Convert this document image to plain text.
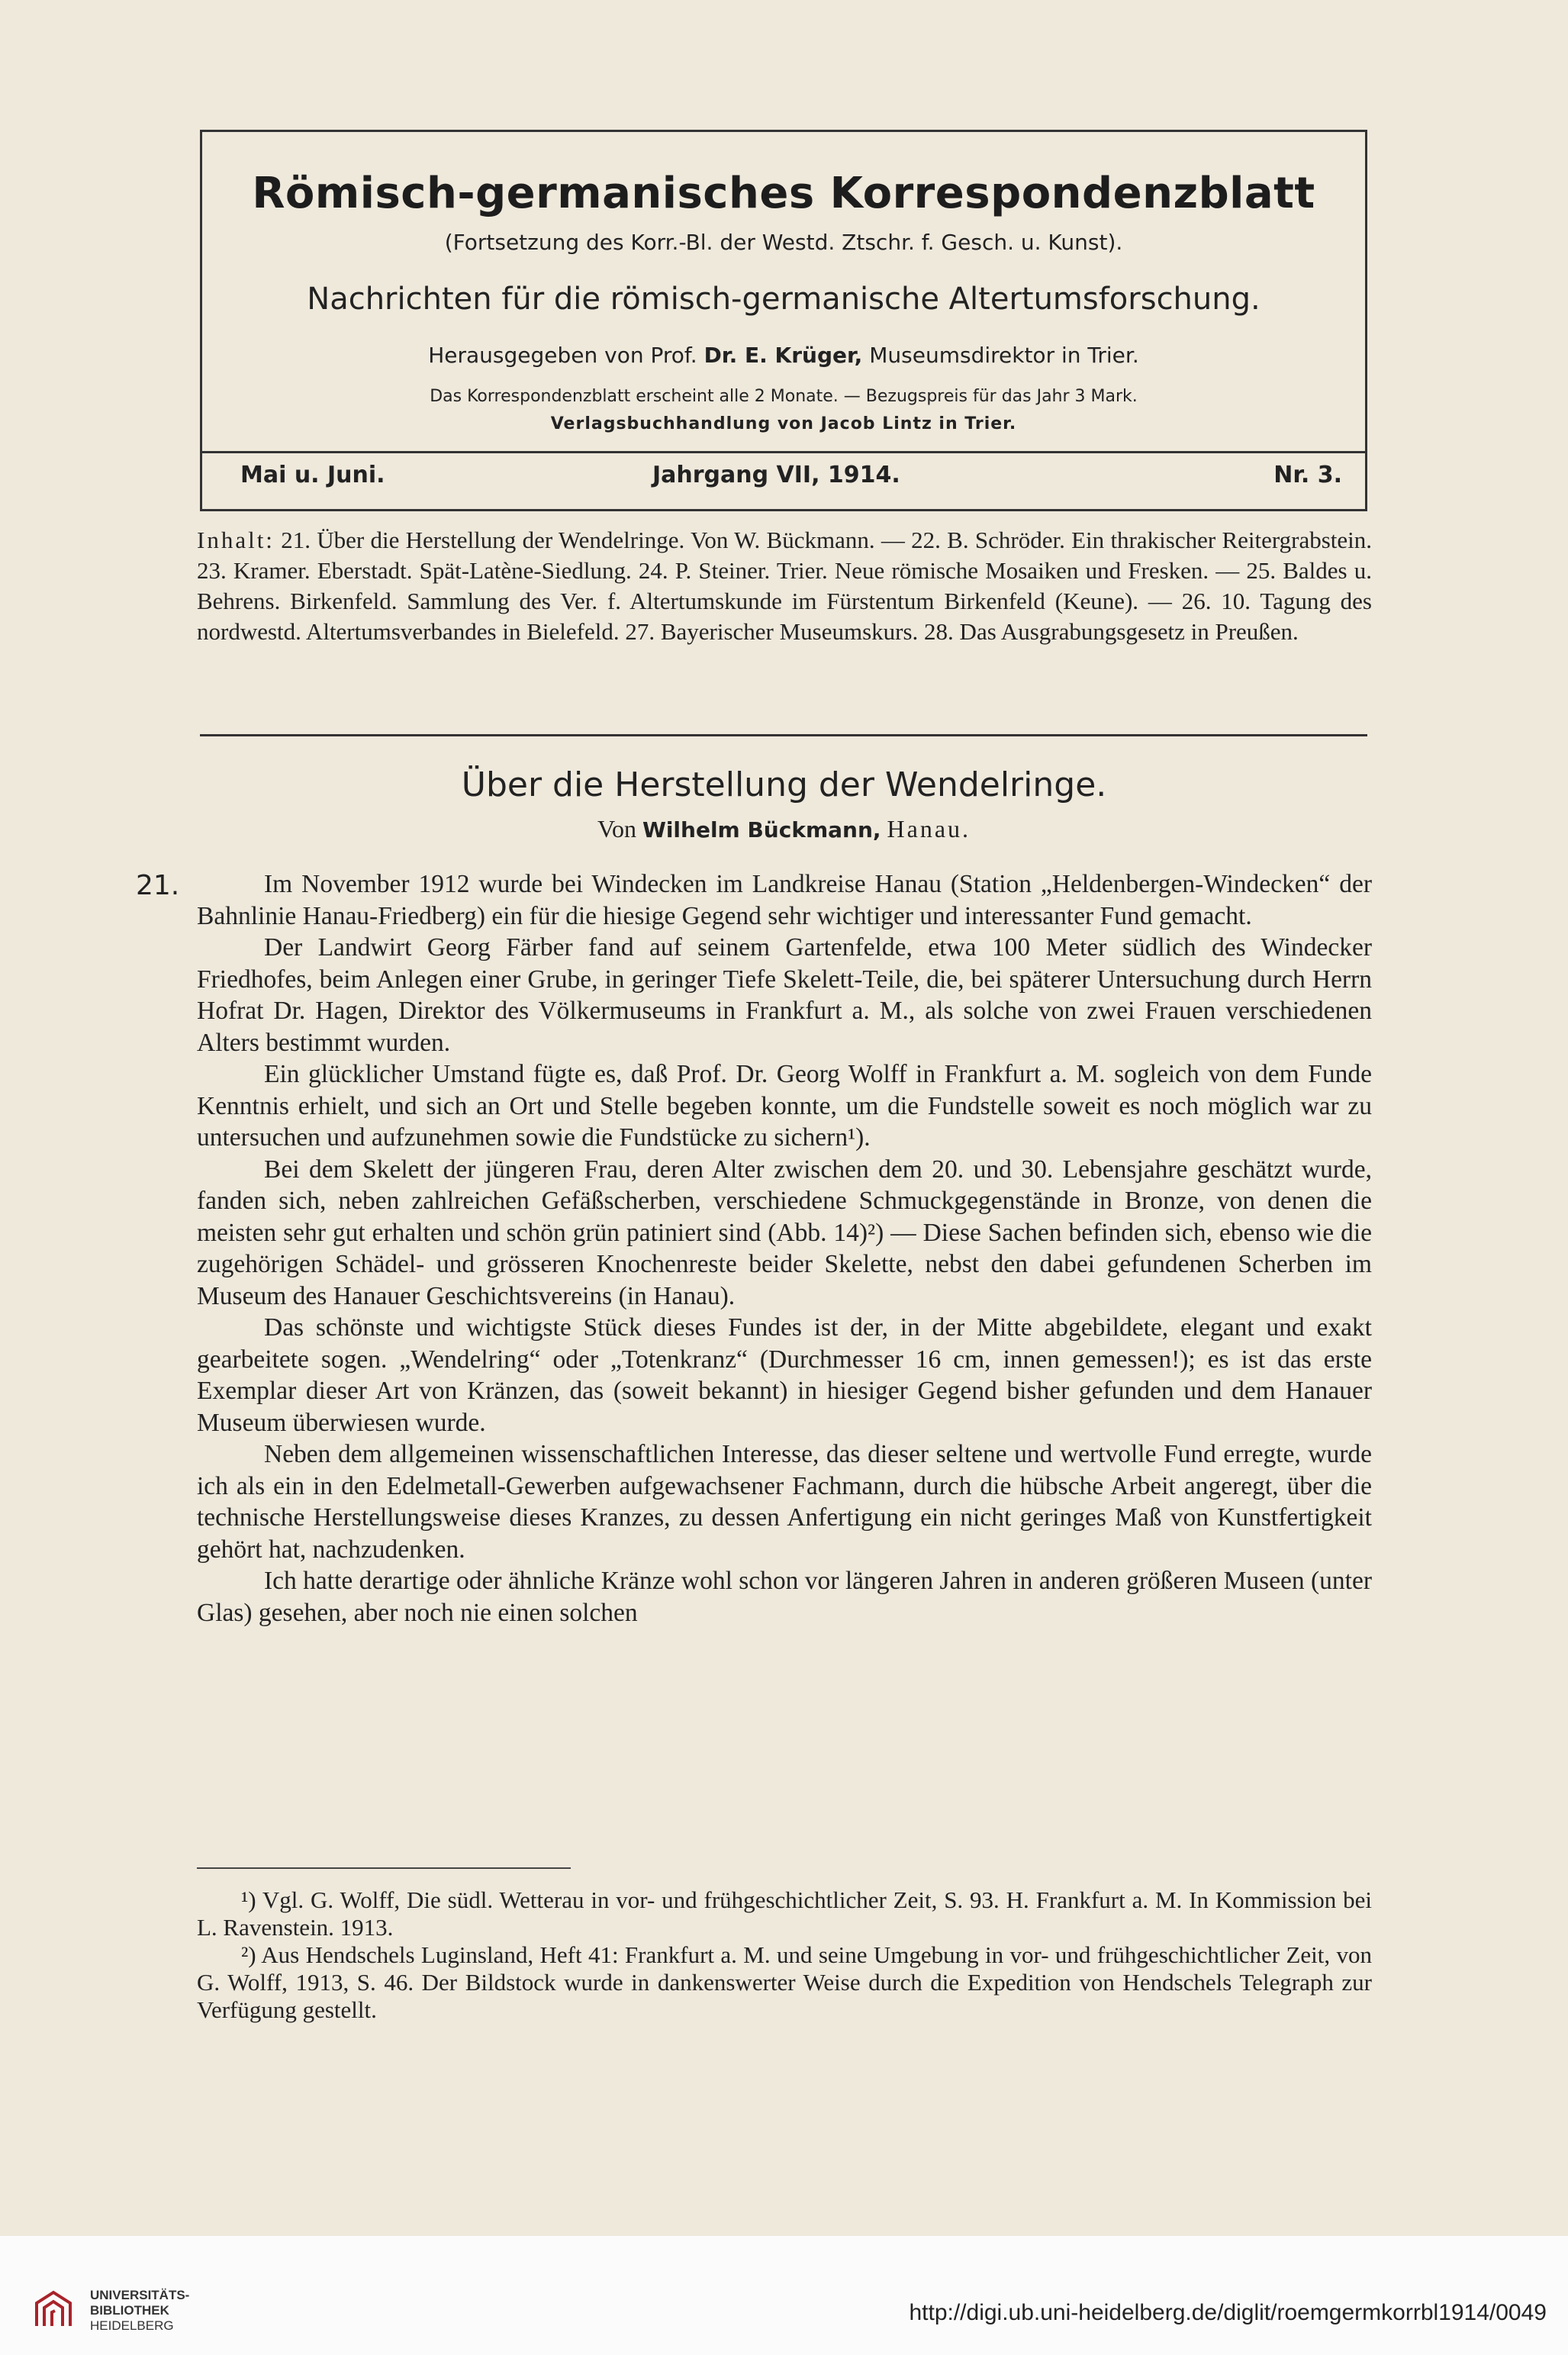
Römisch-germanisches Korrespondenzblatt
(Fortsetzung des Korr.-Bl. der Westd. Ztschr. f. Gesch. u. Kunst).
Nachrichten für die römisch-germanische Altertumsforschung.
Herausgegeben von Prof. Dr. E. Krüger, Museumsdirektor in Trier.
Das Korrespondenzblatt erscheint alle 2 Monate. — Bezugspreis für das Jahr 3 Mark.
Verlagsbuchhandlung von Jacob Lintz in Trier.
Mai u. Juni.	Jahrgang VII, 1914.	Nr. 3.
Inhalt: 21. Über die Herstellung der Wendelringe. Von W. Bückmann. — 22. B. Schröder. Ein thrakischer Reitergrabstein. 23. Kramer. Eberstadt. Spät-Latène-Siedlung. 24. P. Steiner. Trier. Neue römische Mosaiken und Fresken. — 25. Baldes u. Behrens. Birkenfeld. Sammlung des Ver. f. Altertumskunde im Fürstentum Birkenfeld (Keune). — 26. 10. Tagung des nordwestd. Altertumsverbandes in Bielefeld. 27. Bayerischer Museumskurs. 28. Das Ausgrabungsgesetz in Preußen.
Über die Herstellung der Wendelringe.
Von Wilhelm Bückmann, Hanau.
21.	Im November 1912 wurde bei Windecken im Landkreise Hanau (Station „Heldenbergen-Windecken“ der Bahnlinie Hanau-Friedberg) ein für die hiesige Gegend sehr wichtiger und interessanter Fund gemacht.

Der Landwirt Georg Färber fand auf seinem Gartenfelde, etwa 100 Meter südlich des Windecker Friedhofes, beim Anlegen einer Grube, in geringer Tiefe Skelett-Teile, die, bei späterer Untersuchung durch Herrn Hofrat Dr. Hagen, Direktor des Völkermuseums in Frankfurt a. M., als solche von zwei Frauen verschiedenen Alters bestimmt wurden.

Ein glücklicher Umstand fügte es, daß Prof. Dr. Georg Wolff in Frankfurt a. M. sogleich von dem Funde Kenntnis erhielt, und sich an Ort und Stelle begeben konnte, um die Fundstelle soweit es noch möglich war zu untersuchen und aufzunehmen sowie die Fundstücke zu sichern¹).

Bei dem Skelett der jüngeren Frau, deren Alter zwischen dem 20. und 30. Lebensjahre geschätzt wurde, fanden sich, neben zahlreichen Gefäßscherben, verschiedene Schmuckgegenstände in Bronze, von denen die meisten sehr gut erhalten und schön grün patiniert sind (Abb. 14)²) — Diese Sachen befinden sich, ebenso wie die zugehörigen Schädel- und grösseren Knochenreste beider Skelette, nebst den dabei gefundenen Scherben im Museum des Hanauer Geschichtsvereins (in Hanau).

Das schönste und wichtigste Stück dieses Fundes ist der, in der Mitte abgebildete, elegant und exakt gearbeitete sogen. „Wendelring“ oder „Totenkranz“ (Durchmesser 16 cm, innen gemessen!); es ist das erste Exemplar dieser Art von Kränzen, das (soweit bekannt) in hiesiger Gegend bisher gefunden und dem Hanauer Museum überwiesen wurde.

Neben dem allgemeinen wissenschaftlichen Interesse, das dieser seltene und wertvolle Fund erregte, wurde ich als ein in den Edelmetall-Gewerben aufgewachsener Fachmann, durch die hübsche Arbeit angeregt, über die technische Herstellungsweise dieses Kranzes, zu dessen Anfertigung ein nicht geringes Maß von Kunstfertigkeit gehört hat, nachzudenken.

Ich hatte derartige oder ähnliche Kränze wohl schon vor längeren Jahren in anderen größeren Museen (unter Glas) gesehen, aber noch nie einen solchen

¹) Vgl. G. Wolff, Die südl. Wetterau in vor- und frühgeschichtlicher Zeit, S. 93. H. Frankfurt a. M. In Kommission bei L. Ravenstein. 1913.

²) Aus Hendschels Luginsland, Heft 41: Frankfurt a. M. und seine Umgebung in vor- und frühgeschichtlicher Zeit, von G. Wolff, 1913, S. 46. Der Bildstock wurde in dankenswerter Weise durch die Expedition von Hendschels Telegraph zur Verfügung gestellt.

UNIVERSITÄTS-
BIBLIOTHEK
HEIDELBERG
http://digi.ub.uni-heidelberg.de/diglit/roemgermkorrbl1914/0049
